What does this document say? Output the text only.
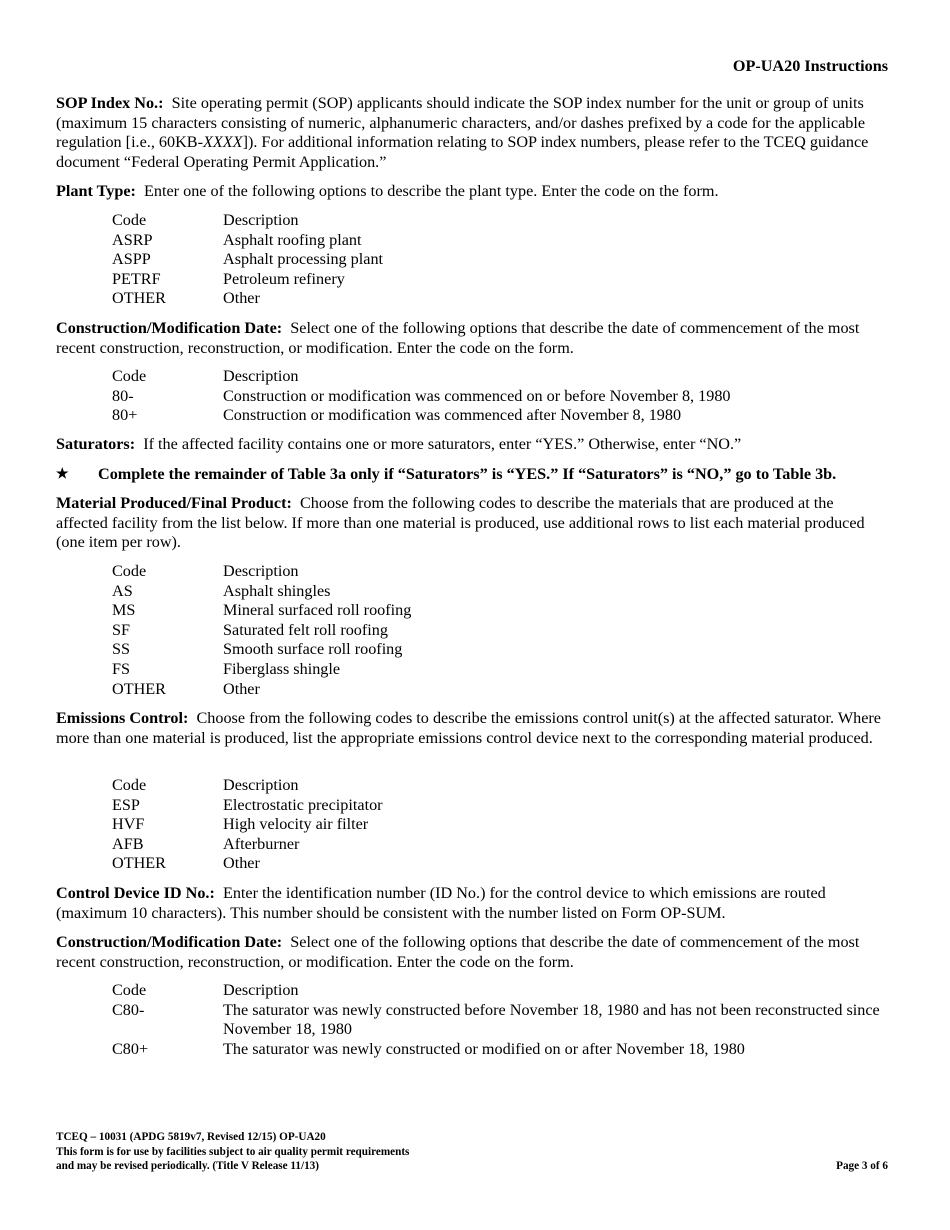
OP-UA20 Instructions

SOP Index No.: Site operating permit (SOP) applicants should indicate the SOP index number for the unit or group of units (maximum 15 characters consisting of numeric, alphanumeric characters, and/or dashes prefixed by a code for the applicable regulation [i.e., 60KB-XXXX]). For additional information relating to SOP index numbers, please refer to the TCEQ guidance document “Federal Operating Permit Application.”

Plant Type: Enter one of the following options to describe the plant type. Enter the code on the form.

Code	Description
ASRP	Asphalt roofing plant
ASPP	Asphalt processing plant
PETRF	Petroleum refinery
OTHER	Other

Construction/Modification Date: Select one of the following options that describe the date of commencement of the most recent construction, reconstruction, or modification. Enter the code on the form.

Code	Description
80-	Construction or modification was commenced on or before November 8, 1980
80+	Construction or modification was commenced after November 8, 1980

Saturators: If the affected facility contains one or more saturators, enter “YES.” Otherwise, enter “NO.”

★	Complete the remainder of Table 3a only if “Saturators” is “YES.” If “Saturators” is “NO,” go to Table 3b.

Material Produced/Final Product: Choose from the following codes to describe the materials that are produced at the affected facility from the list below. If more than one material is produced, use additional rows to list each material produced (one item per row).

Code	Description
AS	Asphalt shingles
MS	Mineral surfaced roll roofing
SF	Saturated felt roll roofing
SS	Smooth surface roll roofing
FS	Fiberglass shingle
OTHER	Other

Emissions Control: Choose from the following codes to describe the emissions control unit(s) at the affected saturator. Where more than one material is produced, list the appropriate emissions control device next to the corresponding material produced.

Code	Description
ESP	Electrostatic precipitator
HVF	High velocity air filter
AFB	Afterburner
OTHER	Other

Control Device ID No.: Enter the identification number (ID No.) for the control device to which emissions are routed (maximum 10 characters). This number should be consistent with the number listed on Form OP-SUM.

Construction/Modification Date: Select one of the following options that describe the date of commencement of the most recent construction, reconstruction, or modification. Enter the code on the form.

Code	Description
C80-	The saturator was newly constructed before November 18, 1980 and has not been reconstructed since November 18, 1980
C80+	The saturator was newly constructed or modified on or after November 18, 1980
TCEQ – 10031 (APDG 5819v7, Revised 12/15) OP-UA20
This form is for use by facilities subject to air quality permit requirements
and may be revised periodically. (Title V Release 11/13)	Page 3 of 6
